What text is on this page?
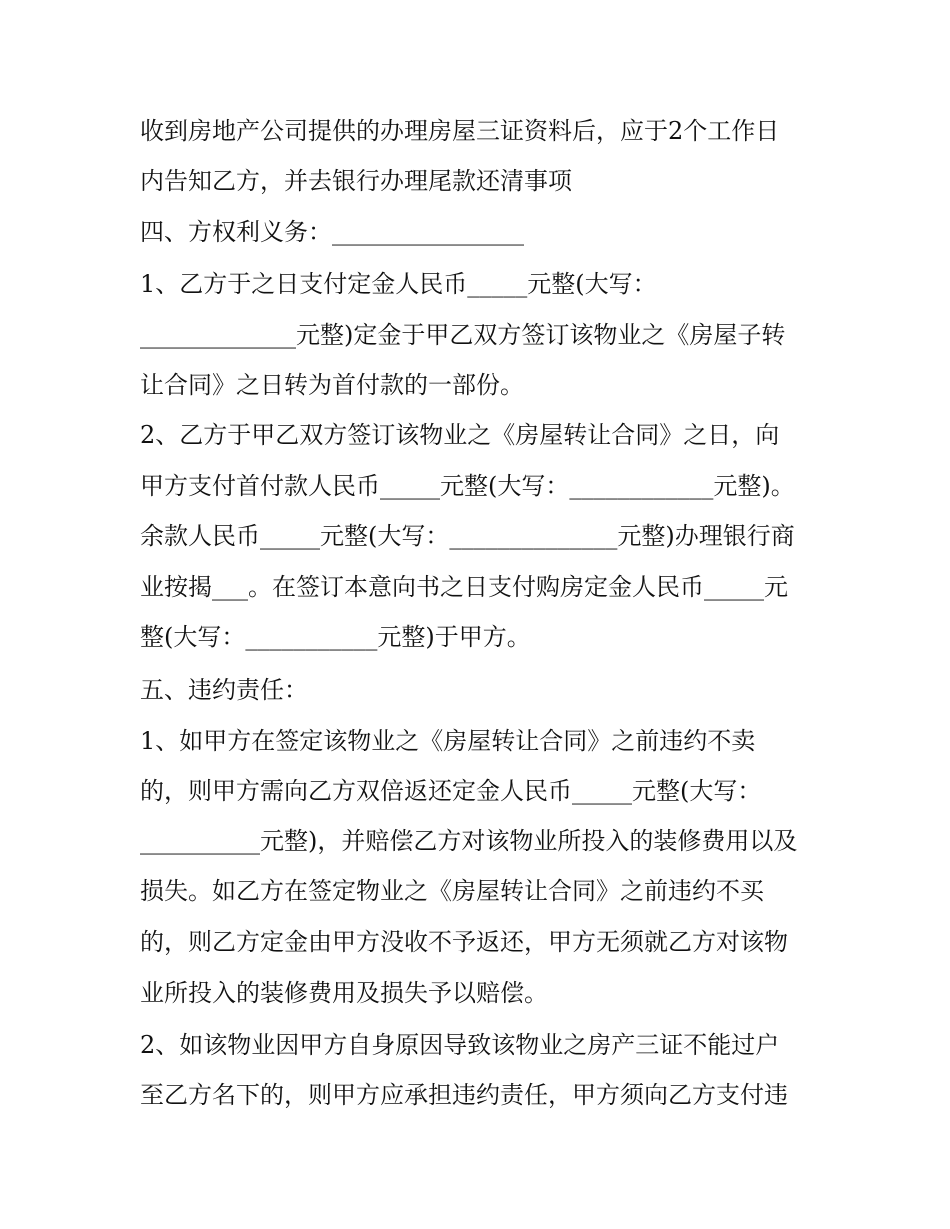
收到房地产公司提供的办理房屋三证资料后，应于2个工作日
内告知乙方，并去银行办理尾款还清事项
四、方权利义务：________________
1、乙方于之日支付定金人民币_____元整(大写：
_____________元整)定金于甲乙双方签订该物业之《房屋子转
让合同》之日转为首付款的一部份。
2、乙方于甲乙双方签订该物业之《房屋转让合同》之日，向
甲方支付首付款人民币_____元整(大写：____________元整)。
余款人民币_____元整(大写：______________元整)办理银行商
业按揭___。在签订本意向书之日支付购房定金人民币_____元
整(大写：___________元整)于甲方。
五、违约责任：
1、如甲方在签定该物业之《房屋转让合同》之前违约不卖
的，则甲方需向乙方双倍返还定金人民币_____元整(大写：
__________元整)，并赔偿乙方对该物业所投入的装修费用以及
损失。如乙方在签定物业之《房屋转让合同》之前违约不买
的，则乙方定金由甲方没收不予返还，甲方无须就乙方对该物
业所投入的装修费用及损失予以赔偿。
2、如该物业因甲方自身原因导致该物业之房产三证不能过户
至乙方名下的，则甲方应承担违约责任，甲方须向乙方支付违
